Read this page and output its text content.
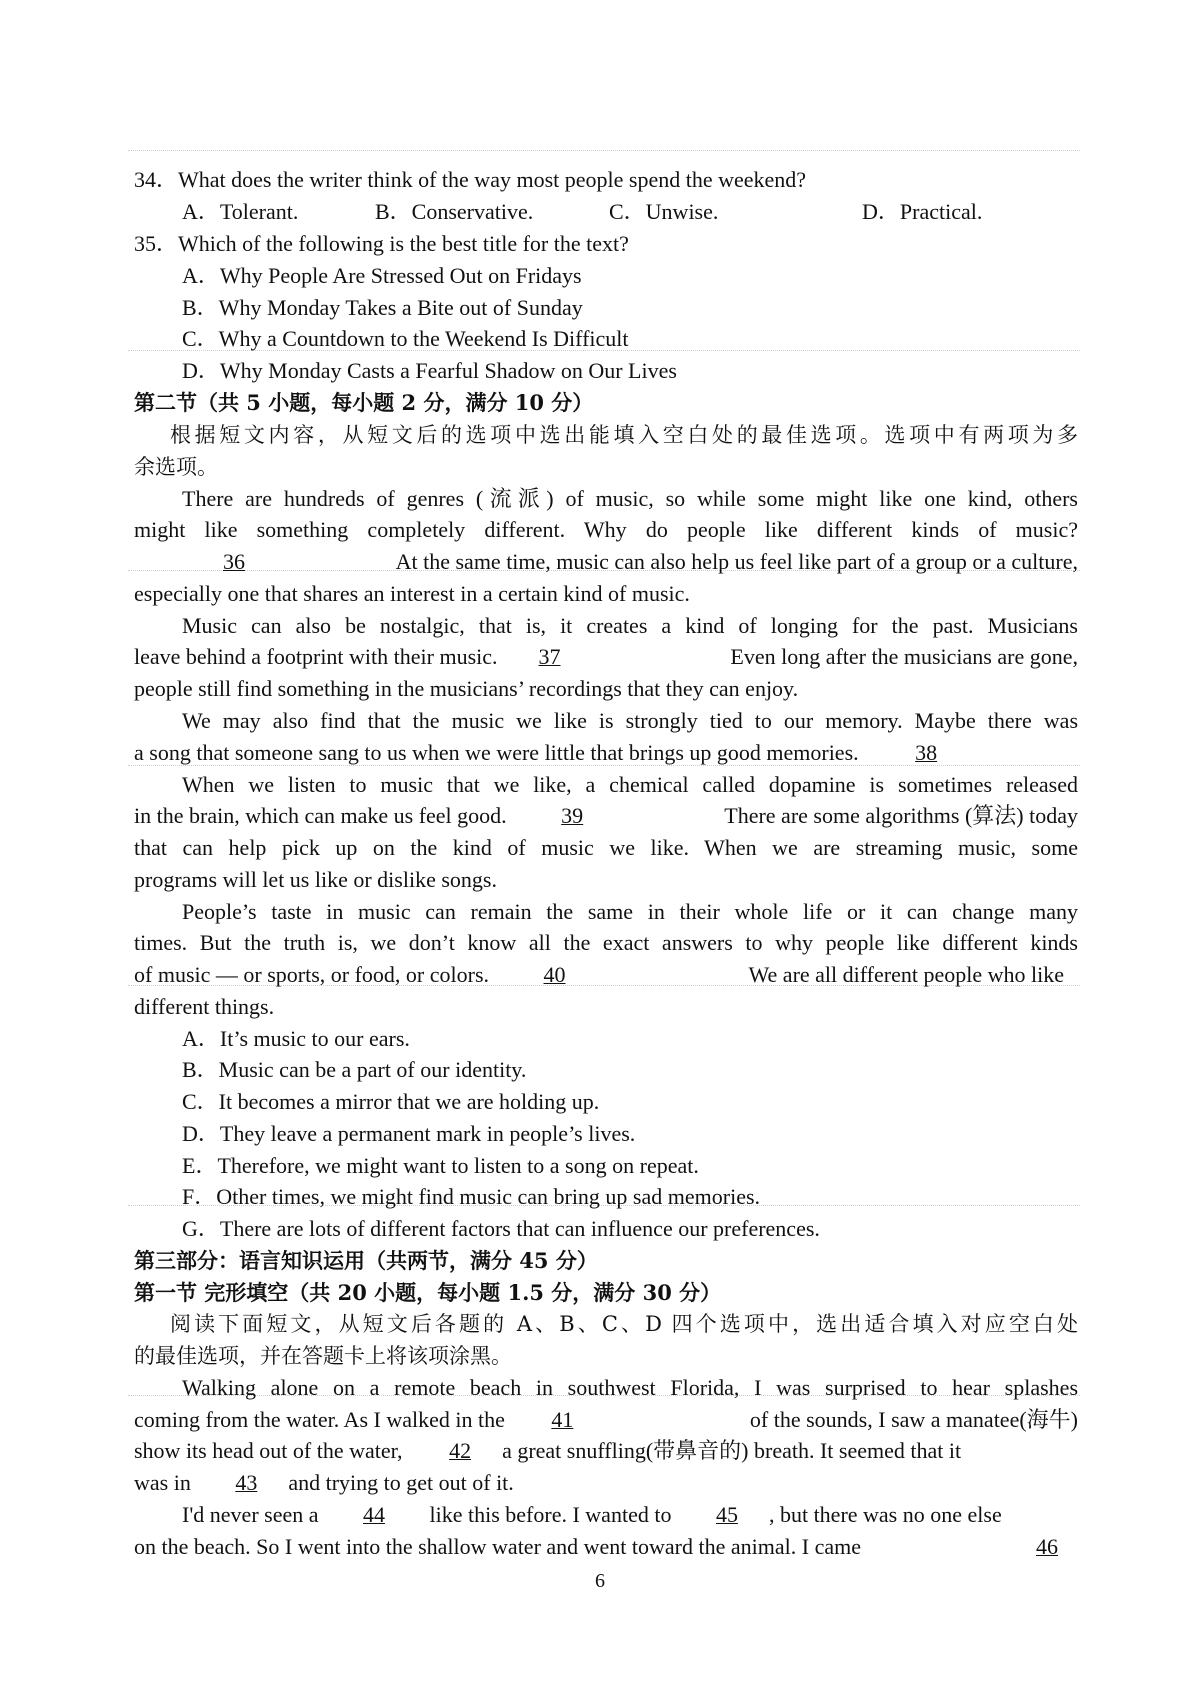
34．What does the writer think of the way most people spend the weekend?
A．Tolerant.	B．Conservative.	C．Unwise.	D．Practical.
35．Which of the following is the best title for the text?
A．Why People Are Stressed Out on Fridays
B．Why Monday Takes a Bite out of Sunday
C．Why a Countdown to the Weekend Is Difficult
D．Why Monday Casts a Fearful Shadow on Our Lives
第二节（共 5 小题，每小题 2 分，满分 10 分）
根据短文内容，从短文后的选项中选出能填入空白处的最佳选项。选项中有两项为多
余选项。
There are hundreds of genres (流派) of music, so while some might like one kind, others
might like something completely different. Why do people like different kinds of music?
36	At the same time, music can also help us feel like part of a group or a culture,
especially one that shares an interest in a certain kind of music.
Music can also be nostalgic, that is, it creates a kind of longing for the past. Musicians
leave behind a footprint with their music. 37	Even long after the musicians are gone,
people still find something in the musicians’ recordings that they can enjoy.
We may also find that the music we like is strongly tied to our memory. Maybe there was
a song that someone sang to us when we were little that brings up good memories.	38
When we listen to music that we like, a chemical called dopamine is sometimes released
in the brain, which can make us feel good. 39	There are some algorithms (算法) today
that can help pick up on the kind of music we like. When we are streaming music, some
programs will let us like or dislike songs.
People’s taste in music can remain the same in their whole life or it can change many
times. But the truth is, we don’t know all the exact answers to why people like different kinds
of music — or sports, or food, or colors. 40	We are all different people who like
different things.
A．It’s music to our ears.
B．Music can be a part of our identity.
C．It becomes a mirror that we are holding up.
D．They leave a permanent mark in people’s lives.
E．Therefore, we might want to listen to a song on repeat.
F．Other times, we might find music can bring up sad memories.
G．There are lots of different factors that can influence our preferences.
第三部分：语言知识运用（共两节，满分 45 分）
第一节 完形填空（共 20 小题，每小题 1.5 分，满分 30 分）
阅读下面短文，从短文后各题的 A、B、C、D 四个选项中，选出适合填入对应空白处
的最佳选项，并在答题卡上将该项涂黑。
Walking alone on a remote beach in southwest Florida, I was surprised to hear splashes
coming from the water. As I walked in the 41	of the sounds, I saw a manatee(海牛)
show its head out of the water, 42 a great snuffling(带鼻音的) breath. It seemed that it
was in 43 and trying to get out of it.
I'd never seen a 44 like this before. I wanted to 45 , but there was no one else
on the beach. So I went into the shallow water and went toward the animal. I came	46
6
